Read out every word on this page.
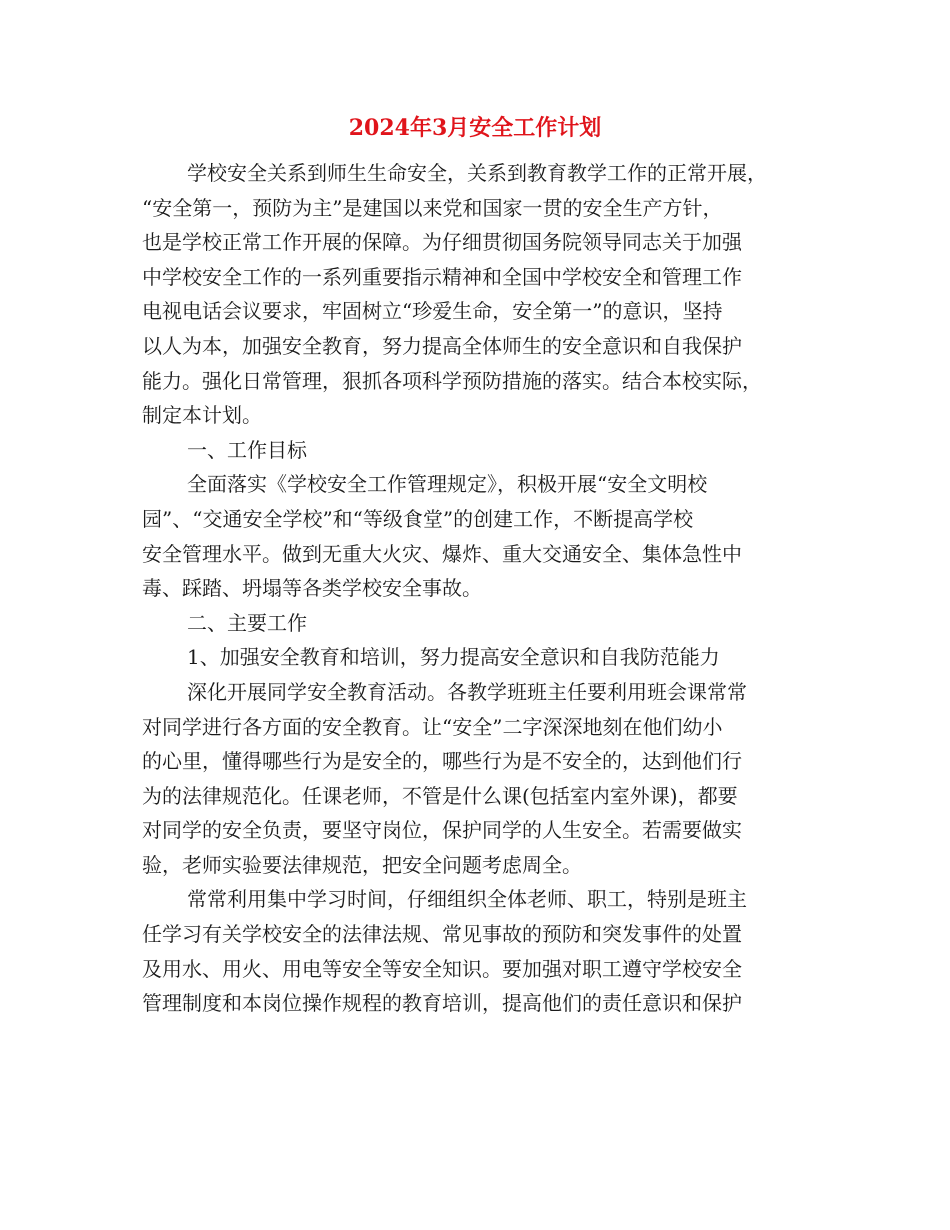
2024年3月安全工作计划

学校安全关系到师生生命安全，关系到教育教学工作的正常开展，

“安全第一，预防为主”是建国以来党和国家一贯的安全生产方针，

也是学校正常工作开展的保障。为仔细贯彻国务院领导同志关于加强

中学校安全工作的一系列重要指示精神和全国中学校安全和管理工作

电视电话会议要求，牢固树立“珍爱生命，安全第一”的意识，坚持

以人为本，加强安全教育，努力提高全体师生的安全意识和自我保护

能力。强化日常管理，狠抓各项科学预防措施的落实。结合本校实际，

制定本计划。

一、工作目标

全面落实《学校安全工作管理规定》，积极开展“安全文明校

园”、“交通安全学校”和“等级食堂”的创建工作，不断提高学校

安全管理水平。做到无重大火灾、爆炸、重大交通安全、集体急性中

毒、踩踏、坍塌等各类学校安全事故。

二、主要工作

1、加强安全教育和培训，努力提高安全意识和自我防范能力

深化开展同学安全教育活动。各教学班班主任要利用班会课常常

对同学进行各方面的安全教育。让“安全”二字深深地刻在他们幼小

的心里，懂得哪些行为是安全的，哪些行为是不安全的，达到他们行

为的法律规范化。任课老师，不管是什么课(包括室内室外课)，都要

对同学的安全负责，要坚守岗位，保护同学的人生安全。若需要做实

验，老师实验要法律规范，把安全问题考虑周全。

常常利用集中学习时间，仔细组织全体老师、职工，特别是班主

任学习有关学校安全的法律法规、常见事故的预防和突发事件的处置

及用水、用火、用电等安全等安全知识。要加强对职工遵守学校安全

管理制度和本岗位操作规程的教育培训，提高他们的责任意识和保护
